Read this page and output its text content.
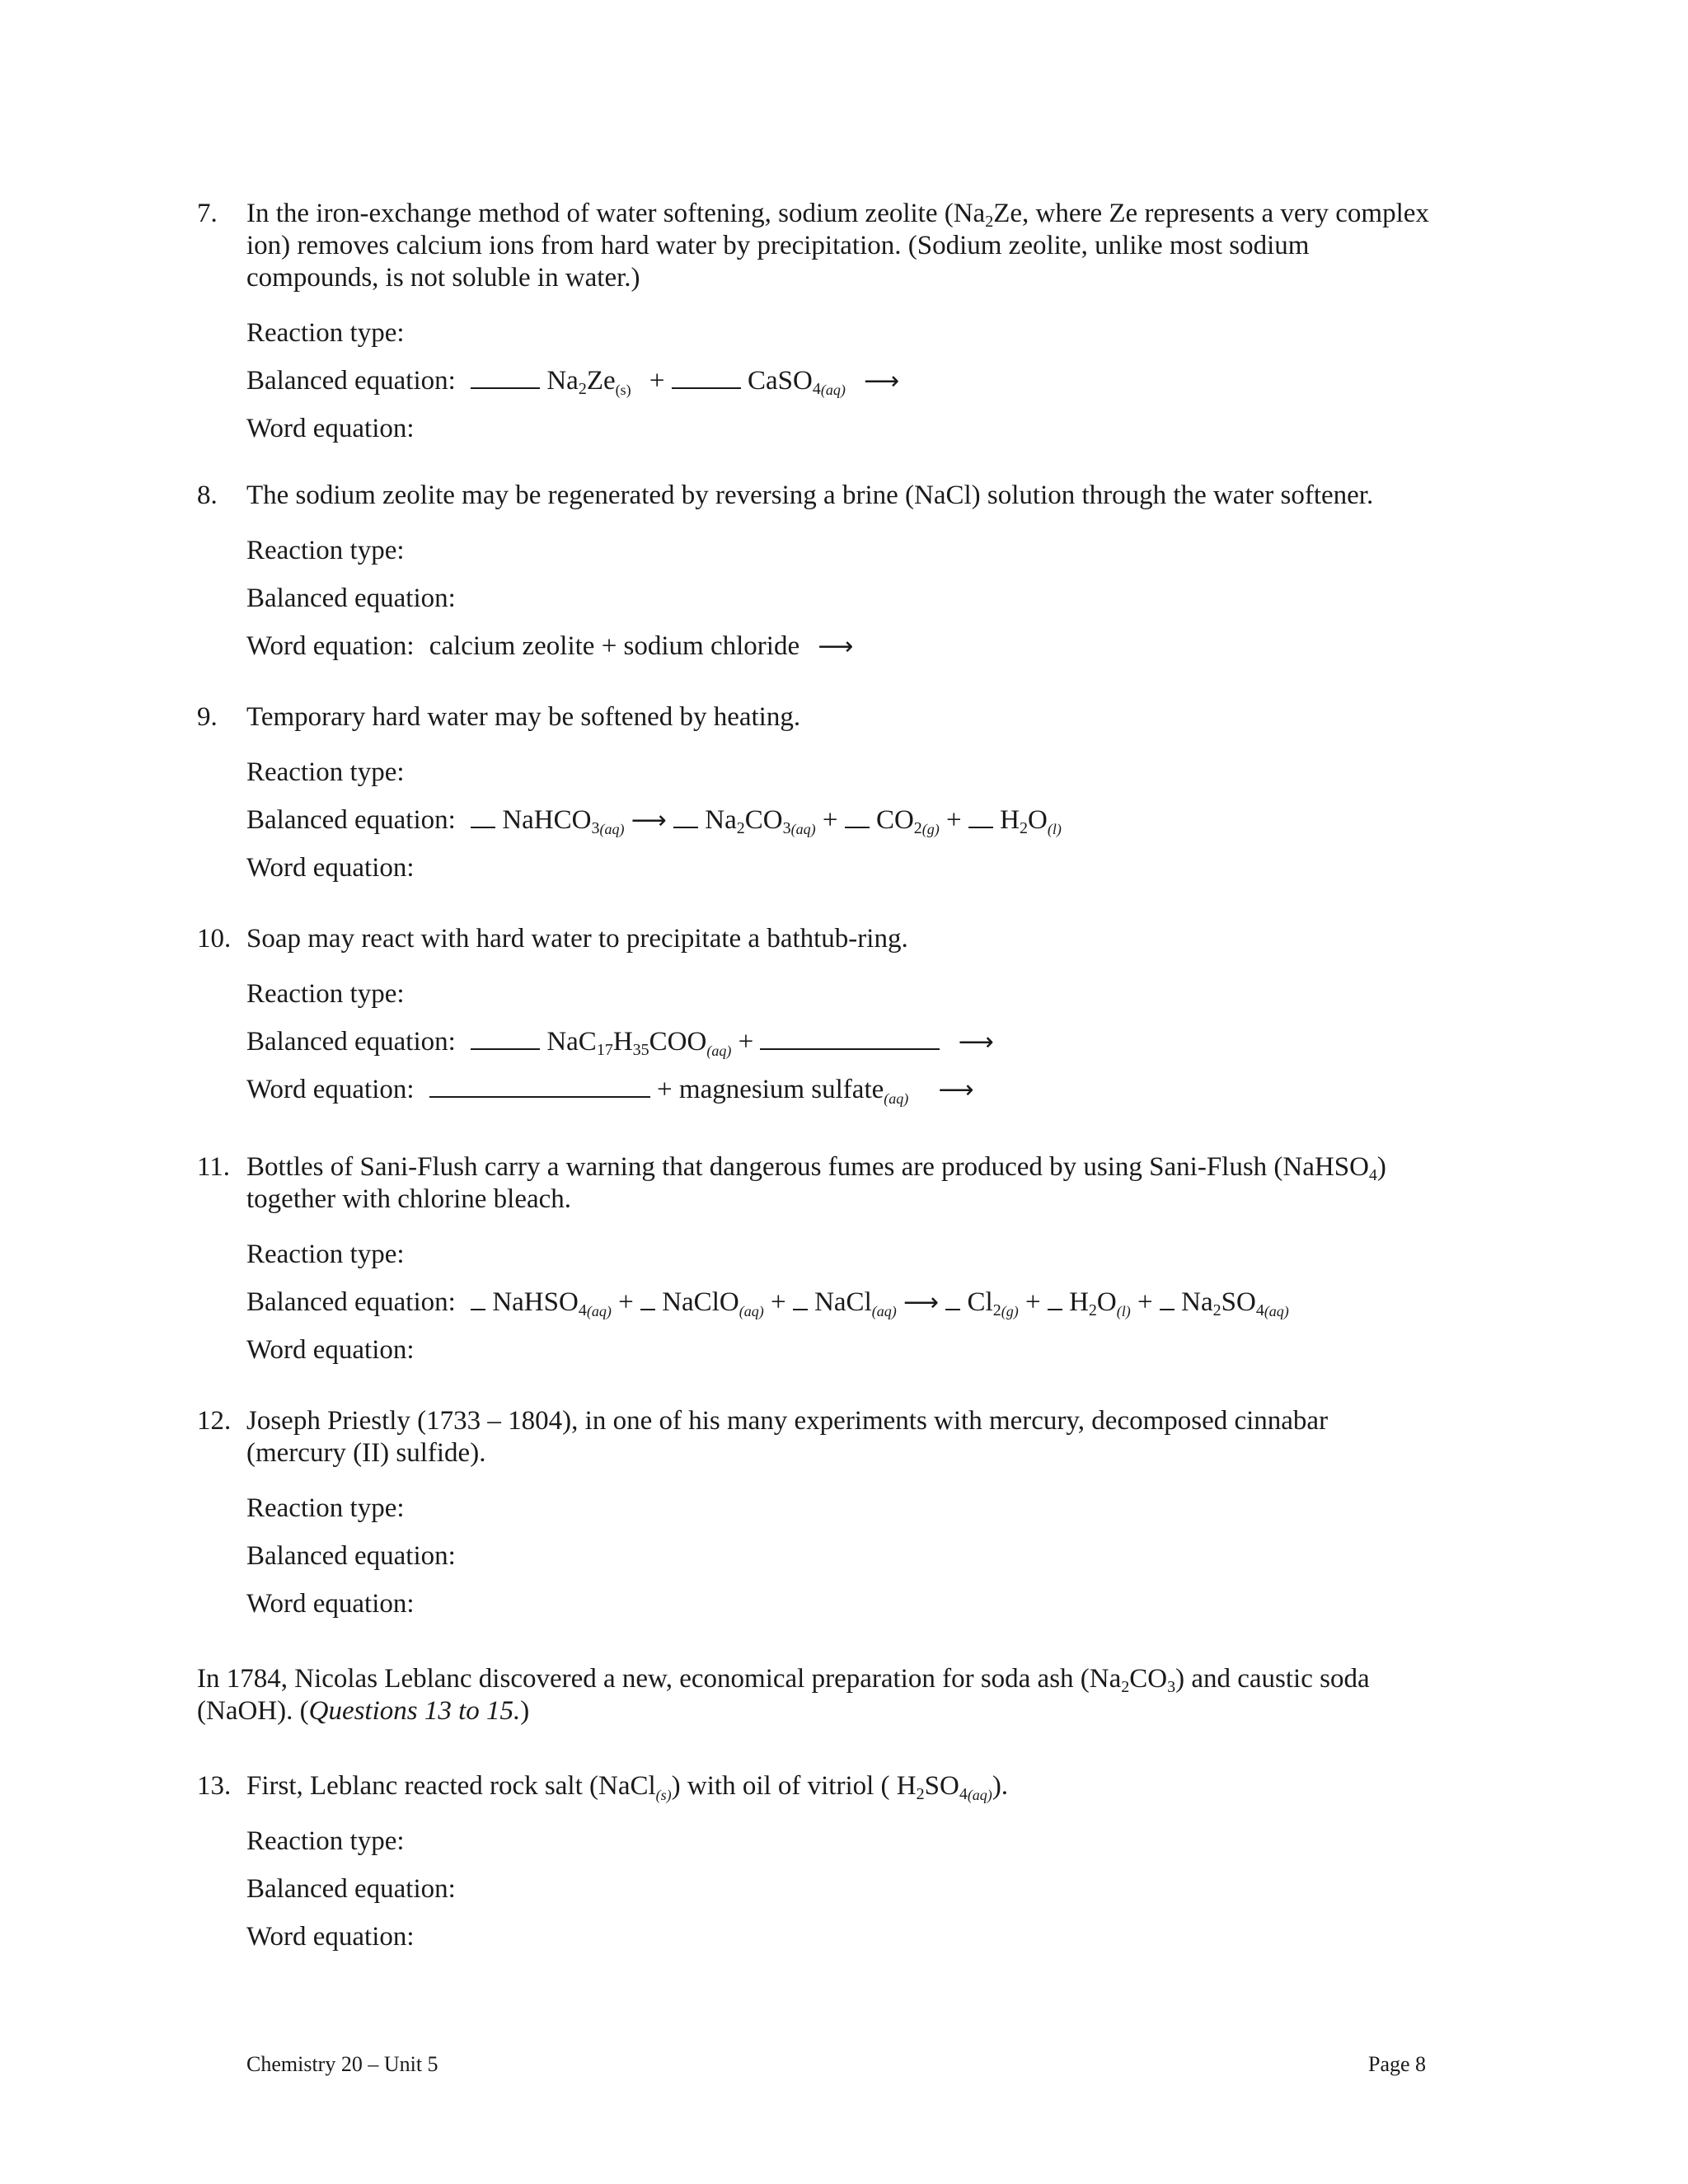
7. In the iron-exchange method of water softening, sodium zeolite ($Na_2Ze$, where Ze represents a very complex ion) removes calcium ions from hard water by precipitation. (Sodium zeolite, unlike most sodium compounds, is not soluble in water.)
Reaction type:
Balanced equation:	$Na_2Ze_{(s)}$ +	CaSO$_{4(aq)}$ ⟶
Word equation:
8. The sodium zeolite may be regenerated by reversing a brine (NaCl) solution through the water softener.
Reaction type:
Balanced equation:
Word equation: calcium zeolite + sodium chloride ⟶
9. Temporary hard water may be softened by heating.
Reaction type:
Balanced equation:  NaHCO$_{3(aq)}$ ⟶  $Na_2CO_{3(aq)} + CO_{2(g)} + H_2O_{(l)}$
Word equation:
10. Soap may react with hard water to precipitate a bathtub-ring.
Reaction type:
Balanced equation:	$NaC_{17}H_{35}COO_{(aq)}$ +	⟶
Word equation:	+ magnesium sulfate$_{(aq)}$ ⟶
11. Bottles of Sani-Flush carry a warning that dangerous fumes are produced by using Sani-Flush (NaHSO$_4$) together with chlorine bleach.
Reaction type:
Balanced equation:  NaHSO$_{4(aq)}$ +  NaClO$_{(aq)}$ +  NaCl$_{(aq)}$ ⟶  $Cl_{2(g)} + H_2O_{(l)} + Na_2SO_{4(aq)}$
Word equation:
12. Joseph Priestly (1733 – 1804), in one of his many experiments with mercury, decomposed cinnabar (mercury (II) sulfide).
Reaction type:
Balanced equation:
Word equation:
In 1784, Nicolas Leblanc discovered a new, economical preparation for soda ash $(Na_2CO_3)$ and caustic soda (NaOH). (Questions 13 to 15.)
13. First, Leblanc reacted rock salt (NaCl$_{(s)}$) with oil of vitriol ( $H_2SO_{4(aq)}$).
Reaction type:
Balanced equation:
Word equation:
Chemistry 20 – Unit 5	Page 8
